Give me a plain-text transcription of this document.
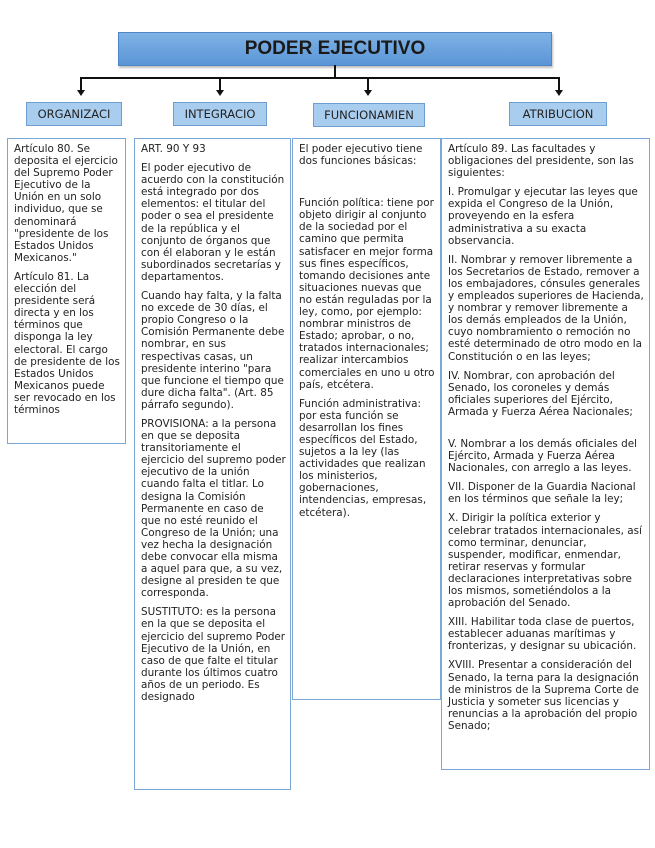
PODER EJECUTIVO
ORGANIZACI	INTEGRACIO	FUNCIONAMIEN	ATRIBUCION

Artículo 80. Se deposita el ejercicio del Supremo Poder Ejecutivo de la Unión en un solo individuo, que se denominará "presidente de los Estados Unidos Mexicanos."

Artículo 81. La elección del presidente será directa y en los términos que disponga la ley electoral. El cargo de presidente de los Estados Unidos Mexicanos puede ser revocado en los términos

ART. 90 Y 93

El poder ejecutivo de acuerdo con la constitución está integrado por dos elementos: el titular del poder o sea el presidente de la república y el conjunto de órganos que con él elaboran y le están subordinados secretarías y departamentos.

Cuando hay falta, y la falta no excede de 30 días, el propio Congreso o la Comisión Permanente debe nombrar, en sus respectivas casas, un presidente interino "para que funcione el tiempo que dure dicha falta". (Art. 85 párrafo segundo).

PROVISIONA: a la persona en que se deposita transitoriamente el ejercicio del supremo poder ejecutivo de la unión cuando falta el titlar. Lo designa la Comisión Permanente en caso de que no esté reunido el Congreso de la Unión; una vez hecha la designación debe convocar ella misma a aquel para que, a su vez, designe al presiden te que corresponda.

SUSTITUTO: es la persona en la que se deposita el ejercicio del supremo Poder Ejecutivo de la Unión, en caso de que falte el titular durante los últimos cuatro años de un periodo. Es designado

El poder ejecutivo tiene dos funciones básicas:

Función política: tiene por objeto dirigir al conjunto de la sociedad por el camino que permita satisfacer en mejor forma sus fines específicos, tomando decisiones ante situaciones nuevas que no están reguladas por la ley, como, por ejemplo: nombrar ministros de Estado; aprobar, o no, tratados internacionales; realizar intercambios comerciales en uno u otro país, etcétera.

Función administrativa: por esta función se desarrollan los fines específicos del Estado, sujetos a la ley (las actividades que realizan los ministerios, gobernaciones, intendencias, empresas, etcétera).

Artículo 89. Las facultades y obligaciones del presidente, son las siguientes:

I. Promulgar y ejecutar las leyes que expida el Congreso de la Unión, proveyendo en la esfera administrativa a su exacta observancia.

II. Nombrar y remover libremente a los Secretarios de Estado, remover a los embajadores, cónsules generales y empleados superiores de Hacienda, y nombrar y remover libremente a los demás empleados de la Unión, cuyo nombramiento o remoción no esté determinado de otro modo en la Constitución o en las leyes;

IV. Nombrar, con aprobación del Senado, los coroneles y demás oficiales superiores del Ejército, Armada y Fuerza Aérea Nacionales;

V. Nombrar a los demás oficiales del Ejército, Armada y Fuerza Aérea Nacionales, con arreglo a las leyes.

VII. Disponer de la Guardia Nacional en los términos que señale la ley;

X. Dirigir la política exterior y celebrar tratados internacionales, así como terminar, denunciar, suspender, modificar, enmendar, retirar reservas y formular declaraciones interpretativas sobre los mismos, sometiéndolos a la aprobación del Senado.

XIII. Habilitar toda clase de puertos, establecer aduanas marítimas y fronterizas, y designar su ubicación.

XVIII. Presentar a consideración del Senado, la terna para la designación de ministros de la Suprema Corte de Justicia y someter sus licencias y renuncias a la aprobación del propio Senado;
